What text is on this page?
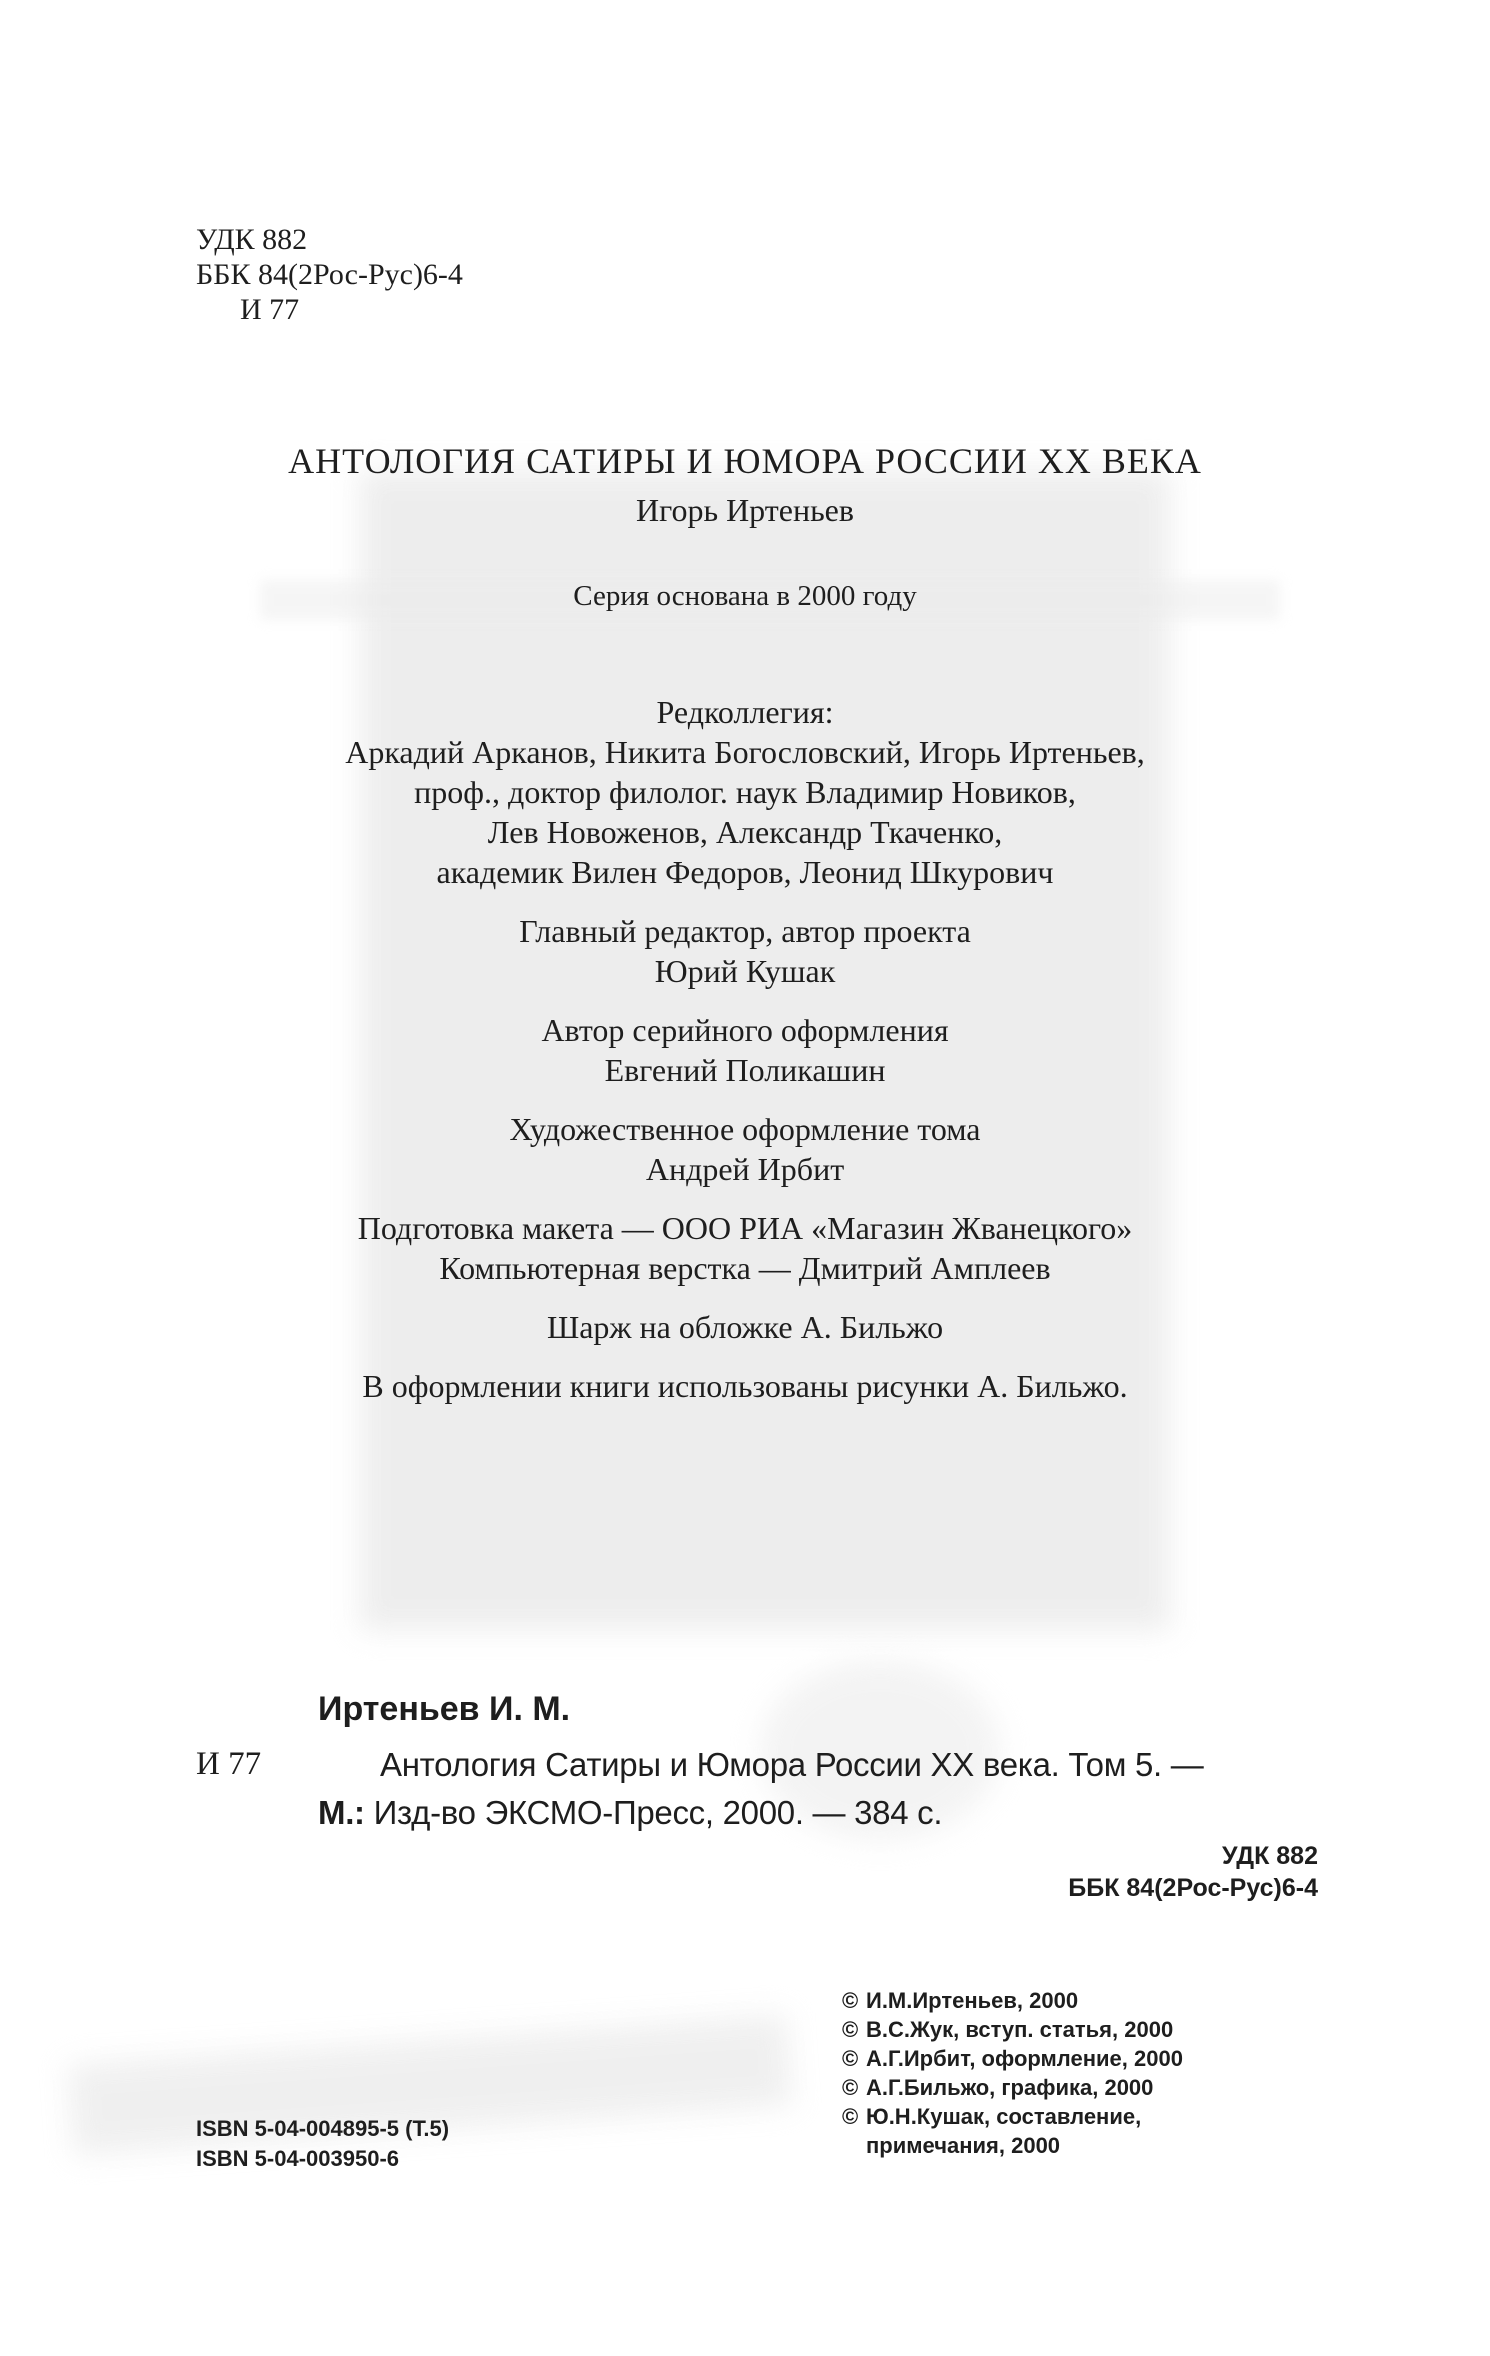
УДК 882
ББК 84(2Рос-Рус)6-4
И 77
АНТОЛОГИЯ САТИРЫ И ЮМОРА РОССИИ XX ВЕКА
Игорь Иртеньев
Серия основана в 2000 году

Редколлегия:

Аркадий Арканов, Никита Богословский, Игорь Иртеньев,

проф., доктор филолог. наук Владимир Новиков,

Лев Новоженов, Александр Ткаченко,

академик Вилен Федоров, Леонид Шкурович

Главный редактор, автор проекта

Юрий Кушак

Автор серийного оформления

Евгений Поликашин

Художественное оформление тома

Андрей Ирбит

Подготовка макета — ООО РИА «Магазин Жванецкого»

Компьютерная верстка — Дмитрий Амплеев

Шарж на обложке А. Бильжо

В оформлении книги использованы рисунки А. Бильжо.

Иртеньев И. М.
И 77	Антология Сатиры и Юмора России XX века. Том 5. —
М.: Изд-во ЭКСМО-Пресс, 2000. — 384 с.
УДК 882
ББК 84(2Рос-Рус)6-4
ISBN 5-04-004895-5 (Т.5)
ISBN 5-04-003950-6
© И.М.Иртеньев, 2000
© В.С.Жук, вступ. статья, 2000
© А.Г.Ирбит, оформление, 2000
© А.Г.Бильжо, графика, 2000
© Ю.Н.Кушак, составление,
примечания, 2000
